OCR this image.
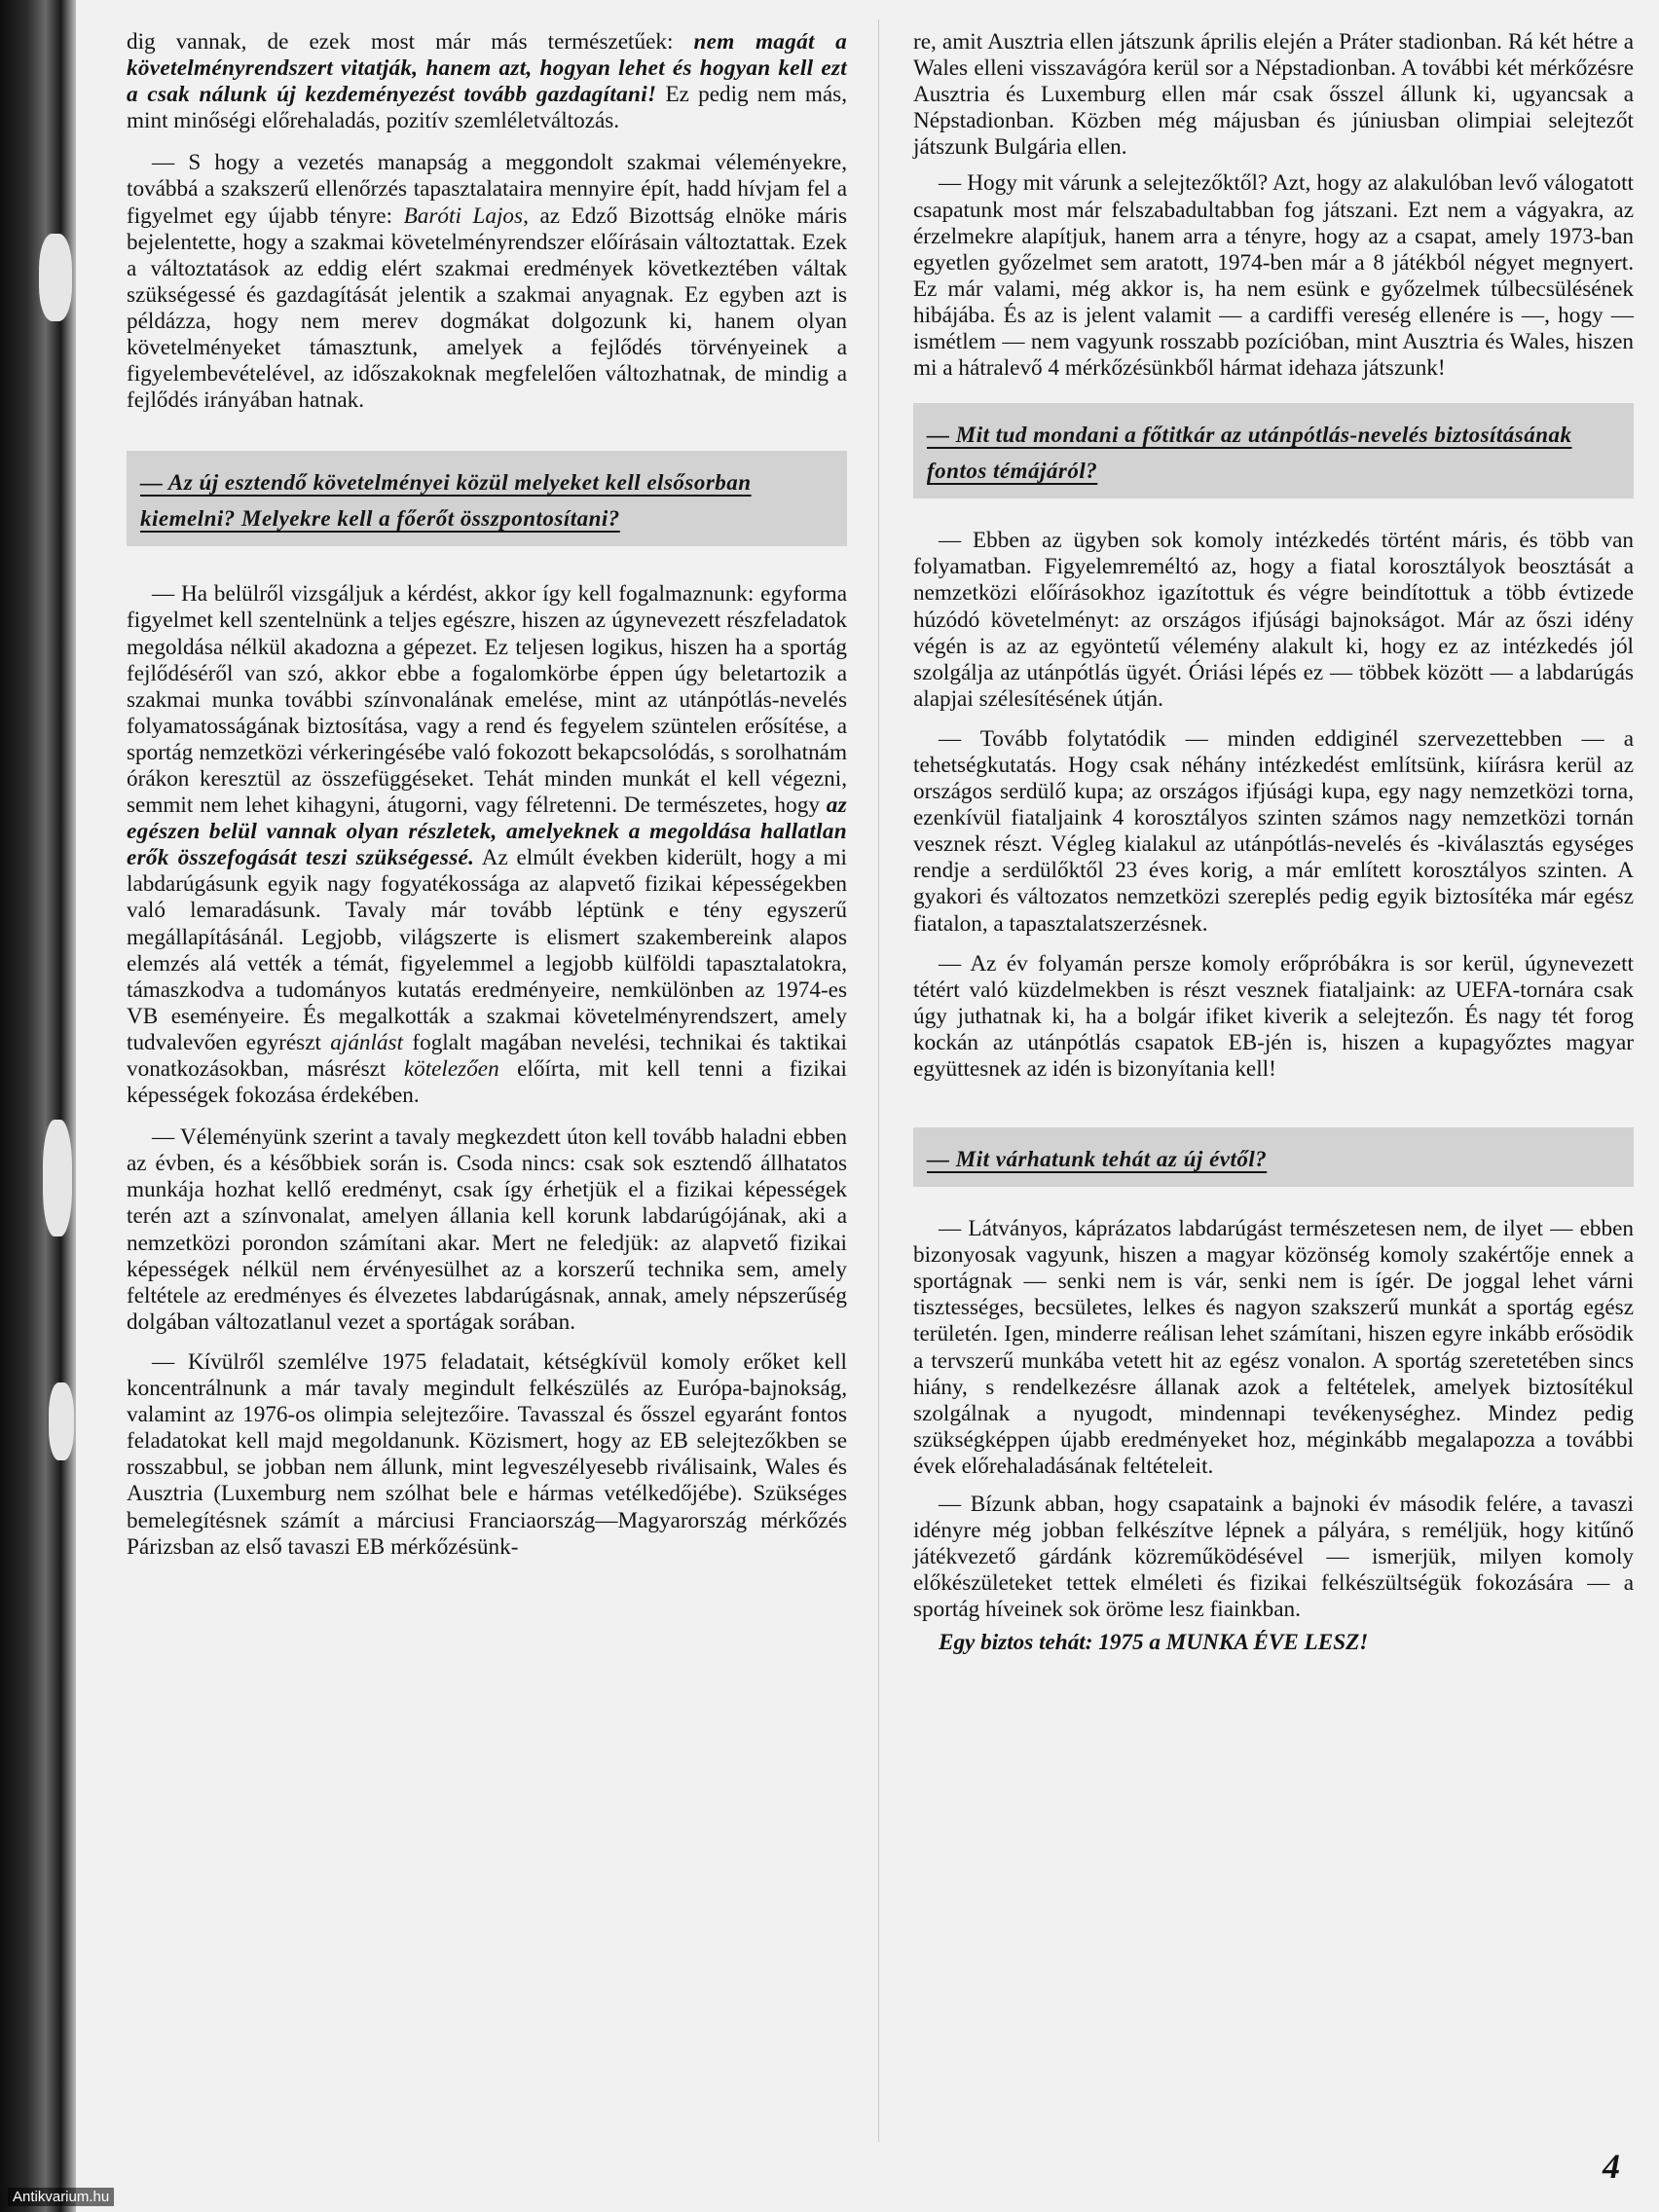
dig vannak, de ezek most már más természetűek: nem magát a követelményrendszert vitatják, hanem azt, hogyan lehet és hogyan kell ezt a csak nálunk új kezdeményezést tovább gazdagítani! Ez pedig nem más, mint minőségi előrehaladás, pozitív szemléletváltozás.

— S hogy a vezetés manapság a meggondolt szakmai véleményekre, továbbá a szakszerű ellenőrzés tapasztalataira mennyire épít, hadd hívjam fel a figyelmet egy újabb tényre: Baróti Lajos, az Edző Bizottság elnöke máris bejelentette, hogy a szakmai követelményrendszer előírásain változtattak. Ezek a változtatások az eddig elért szakmai eredmények következtében váltak szükségessé és gazdagítását jelentik a szakmai anyagnak. Ez egyben azt is példázza, hogy nem merev dogmákat dolgozunk ki, hanem olyan követelményeket támasztunk, amelyek a fejlődés törvényeinek a figyelembevételével, az időszakoknak megfelelően változhatnak, de mindig a fejlődés irányában hatnak.

— Az új esztendő követelményei közül melyeket kell elsősorban kiemelni? Melyekre kell a főerőt összpontosítani?

— Ha belülről vizsgáljuk a kérdést, akkor így kell fogalmaznunk: egyforma figyelmet kell szentelnünk a teljes egészre, hiszen az úgynevezett részfeladatok megoldása nélkül akadozna a gépezet. Ez teljesen logikus, hiszen ha a sportág fejlődéséről van szó, akkor ebbe a fogalomkörbe éppen úgy beletartozik a szakmai munka további színvonalának emelése, mint az utánpótlás-nevelés folyamatosságának biztosítása, vagy a rend és fegyelem szüntelen erősítése, a sportág nemzetközi vérkeringésébe való fokozott bekapcsolódás, s sorolhatnám órákon keresztül az összefüggéseket. Tehát minden munkát el kell végezni, semmit nem lehet kihagyni, átugorni, vagy félretenni. De természetes, hogy az egészen belül vannak olyan részletek, amelyeknek a megoldása hallatlan erők összefogását teszi szükségessé. Az elmúlt években kiderült, hogy a mi labdarúgásunk egyik nagy fogyatékossága az alapvető fizikai képességekben való lemaradásunk. Tavaly már tovább léptünk e tény egyszerű megállapításánál. Legjobb, világszerte is elismert szakembereink alapos elemzés alá vették a témát, figyelemmel a legjobb külföldi tapasztalatokra, támaszkodva a tudományos kutatás eredményeire, nemkülönben az 1974-es VB eseményeire. És megalkották a szakmai követelményrendszert, amely tudvalevően egyrészt ajánlást foglalt magában nevelési, technikai és taktikai vonatkozásokban, másrészt kötelezően előírta, mit kell tenni a fizikai képességek fokozása érdekében.

— Véleményünk szerint a tavaly megkezdett úton kell tovább haladni ebben az évben, és a későbbiek során is. Csoda nincs: csak sok esztendő állhatatos munkája hozhat kellő eredményt, csak így érhetjük el a fizikai képességek terén azt a színvonalat, amelyen állania kell korunk labdarúgójának, aki a nemzetközi porondon számítani akar. Mert ne feledjük: az alapvető fizikai képességek nélkül nem érvényesülhet az a korszerű technika sem, amely feltétele az eredményes és élvezetes labdarúgásnak, annak, amely népszerűség dolgában változatlanul vezet a sportágak sorában.

— Kívülről szemlélve 1975 feladatait, kétségkívül komoly erőket kell koncentrálnunk a már tavaly megindult felkészülés az Európa-bajnokság, valamint az 1976-os olimpia selejtezőire. Tavasszal és ősszel egyaránt fontos feladatokat kell majd megoldanunk. Közismert, hogy az EB selejtezőkben se rosszabbul, se jobban nem állunk, mint legveszélyesebb riválisaink, Wales és Ausztria (Luxemburg nem szólhat bele e hármas vetélkedőjébe). Szükséges bemelegítésnek számít a márciusi Franciaország—Magyarország mérkőzés Párizsban az első tavaszi EB mérkőzésünk-

re, amit Ausztria ellen játszunk április elején a Práter stadionban. Rá két hétre a Wales elleni visszavágóra kerül sor a Népstadionban. A további két mérkőzésre Ausztria és Luxemburg ellen már csak ősszel állunk ki, ugyancsak a Népstadionban. Közben még májusban és júniusban olimpiai selejtezőt játszunk Bulgária ellen.

— Hogy mit várunk a selejtezőktől? Azt, hogy az alakulóban levő válogatott csapatunk most már felszabadultabban fog játszani. Ezt nem a vágyakra, az érzelmekre alapítjuk, hanem arra a tényre, hogy az a csapat, amely 1973-ban egyetlen győzelmet sem aratott, 1974-ben már a 8 játékból négyet megnyert. Ez már valami, még akkor is, ha nem esünk e győzelmek túlbecsülésének hibájába. És az is jelent valamit — a cardiffi vereség ellenére is —, hogy — ismétlem — nem vagyunk rosszabb pozícióban, mint Ausztria és Wales, hiszen mi a hátralevő 4 mérkőzésünkből hármat idehaza játszunk!

— Mit tud mondani a főtitkár az utánpótlás-nevelés biztosításának fontos témájáról?

— Ebben az ügyben sok komoly intézkedés történt máris, és több van folyamatban. Figyelemreméltó az, hogy a fiatal korosztályok beosztását a nemzetközi előírásokhoz igazítottuk és végre beindítottuk a több évtizede húzódó követelményt: az országos ifjúsági bajnokságot. Már az őszi idény végén is az az egyöntetű vélemény alakult ki, hogy ez az intézkedés jól szolgálja az utánpótlás ügyét. Óriási lépés ez — többek között — a labdarúgás alapjai szélesítésének útján.

— Tovább folytatódik — minden eddiginél szervezettebben — a tehetségkutatás. Hogy csak néhány intézkedést említsünk, kiírásra kerül az országos serdülő kupa; az országos ifjúsági kupa, egy nagy nemzetközi torna, ezenkívül fiataljaink 4 korosztályos szinten számos nagy nemzetközi tornán vesznek részt. Végleg kialakul az utánpótlás-nevelés és -kiválasztás egységes rendje a serdülőktől 23 éves korig, a már említett korosztályos szinten. A gyakori és változatos nemzetközi szereplés pedig egyik biztosítéka már egész fiatalon, a tapasztalatszerzésnek.

— Az év folyamán persze komoly erőpróbákra is sor kerül, úgynevezett tétért való küzdelmekben is részt vesznek fiataljaink: az UEFA-tornára csak úgy juthatnak ki, ha a bolgár ifiket kiverik a selejtezőn. És nagy tét forog kockán az utánpótlás csapatok EB-jén is, hiszen a kupagyőztes magyar együttesnek az idén is bizonyítania kell!

— Mit várhatunk tehát az új évtől?

— Látványos, káprázatos labdarúgást természetesen nem, de ilyet — ebben bizonyosak vagyunk, hiszen a magyar közönség komoly szakértője ennek a sportágnak — senki nem is vár, senki nem is ígér. De joggal lehet várni tisztességes, becsületes, lelkes és nagyon szakszerű munkát a sportág egész területén. Igen, minderre reálisan lehet számítani, hiszen egyre inkább erősödik a tervszerű munkába vetett hit az egész vonalon. A sportág szeretetében sincs hiány, s rendelkezésre állanak azok a feltételek, amelyek biztosítékul szolgálnak a nyugodt, mindennapi tevékenységhez. Mindez pedig szükségképpen újabb eredményeket hoz, méginkább megalapozza a további évek előrehaladásának feltételeit.

— Bízunk abban, hogy csapataink a bajnoki év második felére, a tavaszi idényre még jobban felkészítve lépnek a pályára, s reméljük, hogy kitűnő játékvezető gárdánk közreműködésével — ismerjük, milyen komoly előkészületeket tettek elméleti és fizikai felkészültségük fokozására — a sportág híveinek sok öröme lesz fiainkban.

Egy biztos tehát: 1975 a MUNKA ÉVE LESZ!

4
Antikvarium.hu
